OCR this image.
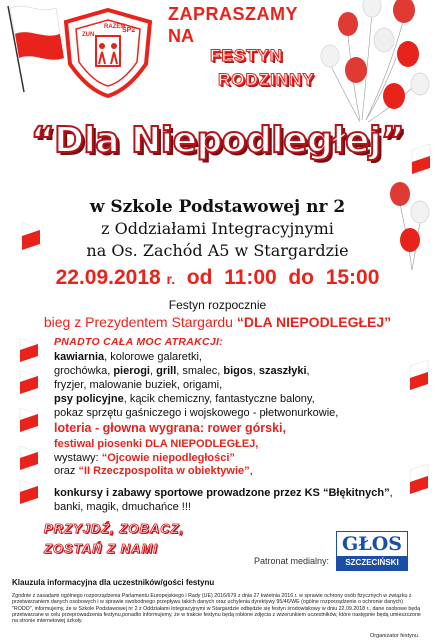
SP2
RAZEM
ZUN
ZAPRASZAMY
NA
FESTYN
RODZINNY
“Dla Niepodległej”
w Szkole Podstawowej nr 2
z Oddziałami Integracyjnymi
na Os. Zachód A5 w Stargardzie
22.09.2018 r. od 11:00 do 15:00
Festyn rozpocznie
bieg z Prezydentem Stargardu “DLA NIEPODLEGŁEJ”
PNADTO CAŁA MOC ATRAKCJI:
kawiarnia, kolorowe galaretki,
grochówka, pierogi, grill, smalec, bigos, szaszłyki,
fryzjer, malowanie buziek, origami,
psy policyjne, kącik chemiczny, fantastyczne balony,
pokaz sprzętu gaśniczego i wojskowego - płetwonurkowie,
loteria - głowna wygrana: rower górski,
festiwal piosenki DLA NIEPODLEGŁEJ,
wystawy: “Ojcowie niepodległości”
oraz “II Rzeczpospolita w obiektywie”,
konkursy i zabawy sportowe prowadzone przez KS “Błękitnych”,
banki, magik, dmuchańce !!!
PRZYJDŹ, ZOBACZ,
ZOSTAŃ Z NAMI
Patronat medialny:
GŁOS
SZCZECIŃSKI
Klauzula informacyjna dla uczestników/gości festynu
Zgodnie z zasadami ogólnego rozporządzenia Parlamentu Europejskiego i Rady (UE) 2016/679 z dnia 27 kwietnia 2016 r. w sprawie ochrony osób fizycznych w związku z przetwarzaniem danych osobowych i w sprawie swobodnego przepływu takich danych oraz uchylenia dyrektywy 95/46/WE (ogólne rozporządzenie o ochronie danych) "RODO", informujemy, że w Szkole Podstawowej nr 2 z Oddziałami Integracyjnymi w Stargardzie odbędzie się festyn środowiskowy w dniu 22.09.2018 r., dane osobowe będą przetwarzane w celu przeprowadzenia festynu,ponadto informujemy, że w trakcie festynu będą robione zdjęcia z wizerunkiem uczestników, które następnie będą umieszczone na stronie internetowej szkoły.
Organizator festynu
